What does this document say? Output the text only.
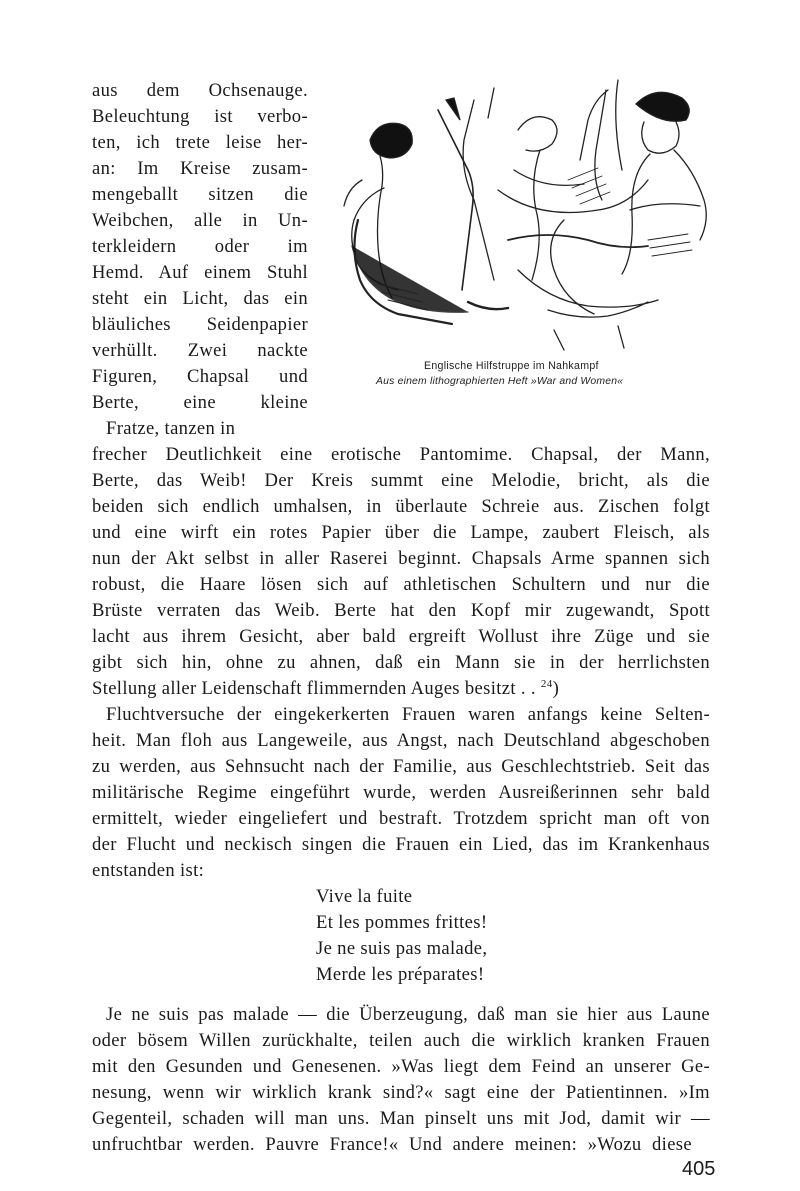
aus dem Ochsenauge.
Beleuchtung ist verbo-
ten, ich trete leise her-
an: Im Kreise zusam-
mengeballt sitzen die
Weibchen, alle in Un-
terkleidern oder im
Hemd. Auf einem Stuhl
steht ein Licht, das ein
bläuliches Seidenpapier
verhüllt. Zwei nackte
Figuren, Chapsal und
Berte, eine kleine
Fratze, tanzen in
Englische Hilfstruppe im Nahkampf
Aus einem lithographierten Heft »War and Women«
frecher Deutlichkeit eine erotische Pantomime. Chapsal, der Mann,
Berte, das Weib! Der Kreis summt eine Melodie, bricht, als die
beiden sich endlich umhalsen, in überlaute Schreie aus. Zischen folgt
und eine wirft ein rotes Papier über die Lampe, zaubert Fleisch, als
nun der Akt selbst in aller Raserei beginnt. Chapsals Arme spannen sich
robust, die Haare lösen sich auf athletischen Schultern und nur die
Brüste verraten das Weib. Berte hat den Kopf mir zugewandt, Spott
lacht aus ihrem Gesicht, aber bald ergreift Wollust ihre Züge und sie
gibt sich hin, ohne zu ahnen, daß ein Mann sie in der herrlichsten
Stellung aller Leidenschaft flimmernden Auges besitzt . . $^{24}$)
Fluchtversuche der eingekerkerten Frauen waren anfangs keine Selten-
heit. Man floh aus Langeweile, aus Angst, nach Deutschland abgeschoben
zu werden, aus Sehnsucht nach der Familie, aus Geschlechtstrieb. Seit das
militärische Regime eingeführt wurde, werden Ausreißerinnen sehr bald
ermittelt, wieder eingeliefert und bestraft. Trotzdem spricht man oft von
der Flucht und neckisch singen die Frauen ein Lied, das im Krankenhaus
entstanden ist:
Vive la fuite
Et les pommes frittes!
Je ne suis pas malade,
Merde les préparates!
Je ne suis pas malade — die Überzeugung, daß man sie hier aus Laune
oder bösem Willen zurückhalte, teilen auch die wirklich kranken Frauen
mit den Gesunden und Genesenen. »Was liegt dem Feind an unserer Ge-
nesung, wenn wir wirklich krank sind?« sagt eine der Patientinnen. »Im
Gegenteil, schaden will man uns. Man pinselt uns mit Jod, damit wir —
unfruchtbar werden. Pauvre France!« Und andere meinen: »Wozu diese
405
